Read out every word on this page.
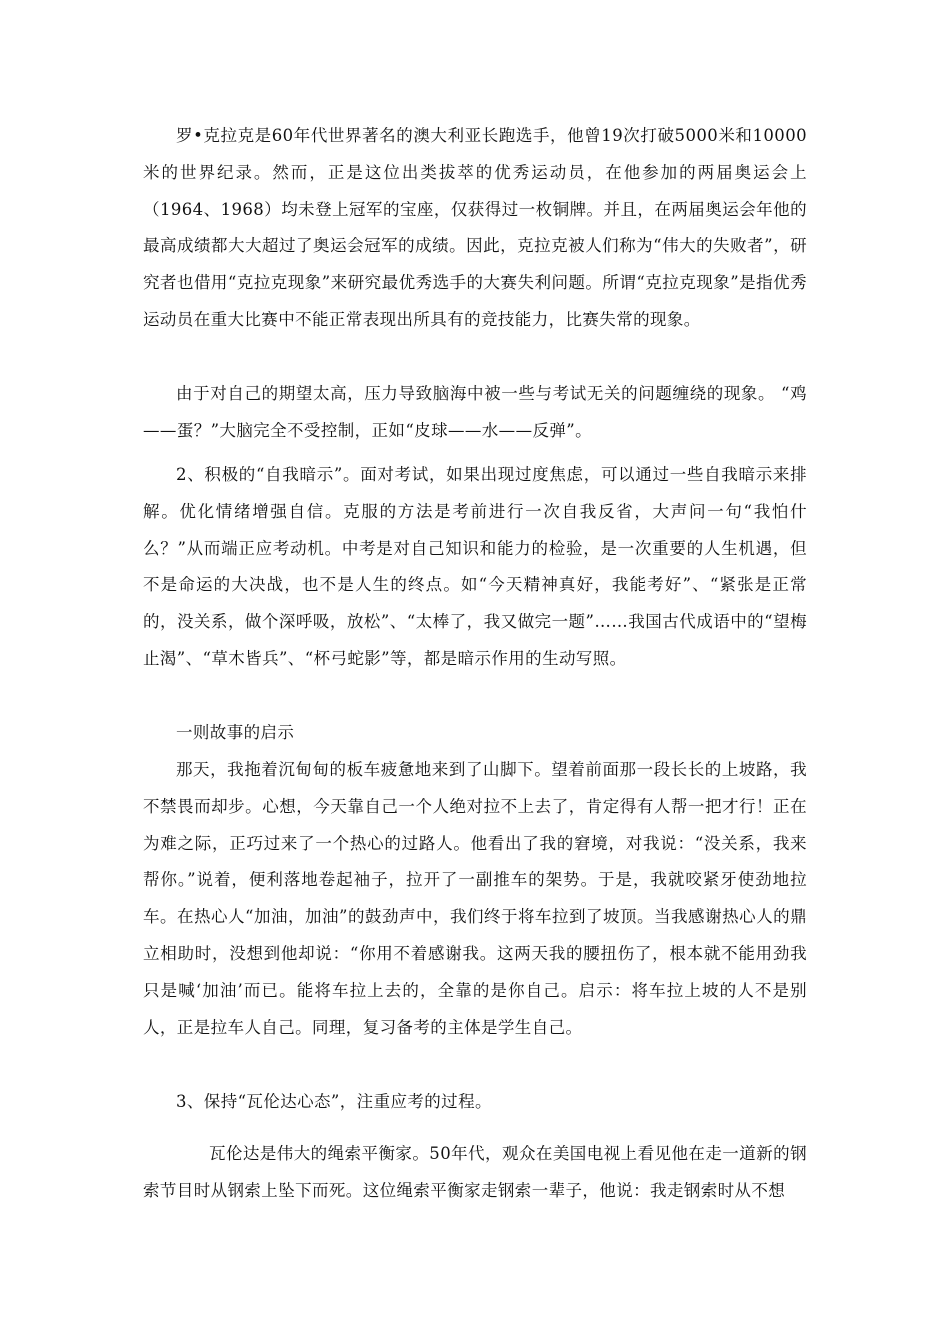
罗•克拉克是60年代世界著名的澳大利亚长跑选手，他曾19次打破5000米和10000米的世界纪录。然而，正是这位出类拔萃的优秀运动员，在他参加的两届奥运会上（1964、1968）均未登上冠军的宝座，仅获得过一枚铜牌。并且，在两届奥运会年他的最高成绩都大大超过了奥运会冠军的成绩。因此，克拉克被人们称为“伟大的失败者”，研究者也借用“克拉克现象”来研究最优秀选手的大赛失利问题。所谓“克拉克现象”是指优秀运动员在重大比赛中不能正常表现出所具有的竞技能力，比赛失常的现象。

由于对自己的期望太高，压力导致脑海中被一些与考试无关的问题缠绕的现象。 “鸡——蛋？”大脑完全不受控制，正如“皮球——水——反弹”。

2、积极的“自我暗示”。面对考试，如果出现过度焦虑，可以通过一些自我暗示来排解。优化情绪增强自信。克服的方法是考前进行一次自我反省，大声问一句“我怕什么？”从而端正应考动机。中考是对自己知识和能力的检验，是一次重要的人生机遇，但不是命运的大决战，也不是人生的终点。如“今天精神真好，我能考好”、“紧张是正常的，没关系，做个深呼吸，放松”、“太棒了，我又做完一题”……我国古代成语中的“望梅止渴”、“草木皆兵”、“杯弓蛇影”等，都是暗示作用的生动写照。

一则故事的启示

那天，我拖着沉甸甸的板车疲惫地来到了山脚下。望着前面那一段长长的上坡路，我不禁畏而却步。心想，今天靠自己一个人绝对拉不上去了，肯定得有人帮一把才行！正在为难之际，正巧过来了一个热心的过路人。他看出了我的窘境，对我说：“没关系，我来帮你。”说着，便利落地卷起袖子，拉开了一副推车的架势。于是，我就咬紧牙使劲地拉车。在热心人“加油，加油”的鼓劲声中，我们终于将车拉到了坡顶。当我感谢热心人的鼎立相助时，没想到他却说：“你用不着感谢我。这两天我的腰扭伤了，根本就不能用劲我只是喊‘加油’而已。能将车拉上去的，全靠的是你自己。启示：将车拉上坡的人不是别人，正是拉车人自己。同理，复习备考的主体是学生自己。

3、保持“瓦伦达心态”，注重应考的过程。

瓦伦达是伟大的绳索平衡家。50年代，观众在美国电视上看见他在走一道新的钢索节目时从钢索上坠下而死。这位绳索平衡家走钢索一辈子，他说：我走钢索时从不想
